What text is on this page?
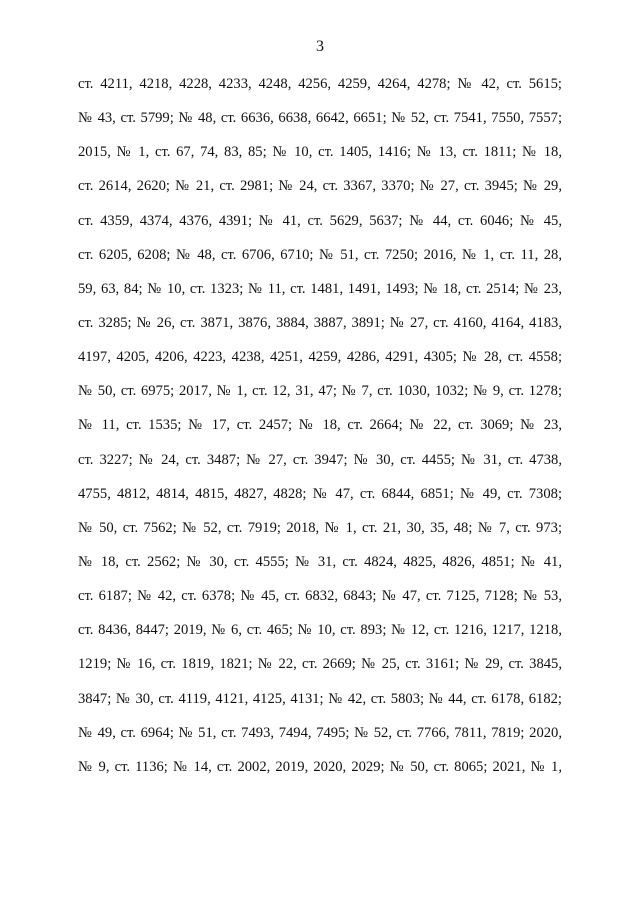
3
ст. 4211, 4218, 4228, 4233, 4248, 4256, 4259, 4264, 4278; № 42, ст. 5615;
№ 43, ст. 5799; № 48, ст. 6636, 6638, 6642, 6651; № 52, ст. 7541, 7550, 7557;
2015, № 1, ст. 67, 74, 83, 85; № 10, ст. 1405, 1416; № 13, ст. 1811; № 18,
ст. 2614, 2620; № 21, ст. 2981; № 24, ст. 3367, 3370; № 27, ст. 3945; № 29,
ст. 4359, 4374, 4376, 4391; № 41, ст. 5629, 5637; № 44, ст. 6046; № 45,
ст. 6205, 6208; № 48, ст. 6706, 6710; № 51, ст. 7250; 2016, № 1, ст. 11, 28,
59, 63, 84; № 10, ст. 1323; № 11, ст. 1481, 1491, 1493; № 18, ст. 2514; № 23,
ст. 3285; № 26, ст. 3871, 3876, 3884, 3887, 3891; № 27, ст. 4160, 4164, 4183,
4197, 4205, 4206, 4223, 4238, 4251, 4259, 4286, 4291, 4305; № 28, ст. 4558;
№ 50, ст. 6975; 2017, № 1, ст. 12, 31, 47; № 7, ст. 1030, 1032; № 9, ст. 1278;
№ 11, ст. 1535; № 17, ст. 2457; № 18, ст. 2664; № 22, ст. 3069; № 23,
ст. 3227; № 24, ст. 3487; № 27, ст. 3947; № 30, ст. 4455; № 31, ст. 4738,
4755, 4812, 4814, 4815, 4827, 4828; № 47, ст. 6844, 6851; № 49, ст. 7308;
№ 50, ст. 7562; № 52, ст. 7919; 2018, № 1, ст. 21, 30, 35, 48; № 7, ст. 973;
№ 18, ст. 2562; № 30, ст. 4555; № 31, ст. 4824, 4825, 4826, 4851; № 41,
ст. 6187; № 42, ст. 6378; № 45, ст. 6832, 6843; № 47, ст. 7125, 7128; № 53,
ст. 8436, 8447; 2019, № 6, ст. 465; № 10, ст. 893; № 12, ст. 1216, 1217, 1218,
1219; № 16, ст. 1819, 1821; № 22, ст. 2669; № 25, ст. 3161; № 29, ст. 3845,
3847; № 30, ст. 4119, 4121, 4125, 4131; № 42, ст. 5803; № 44, ст. 6178, 6182;
№ 49, ст. 6964; № 51, ст. 7493, 7494, 7495; № 52, ст. 7766, 7811, 7819; 2020,
№ 9, ст. 1136; № 14, ст. 2002, 2019, 2020, 2029; № 50, ст. 8065; 2021, № 1,
